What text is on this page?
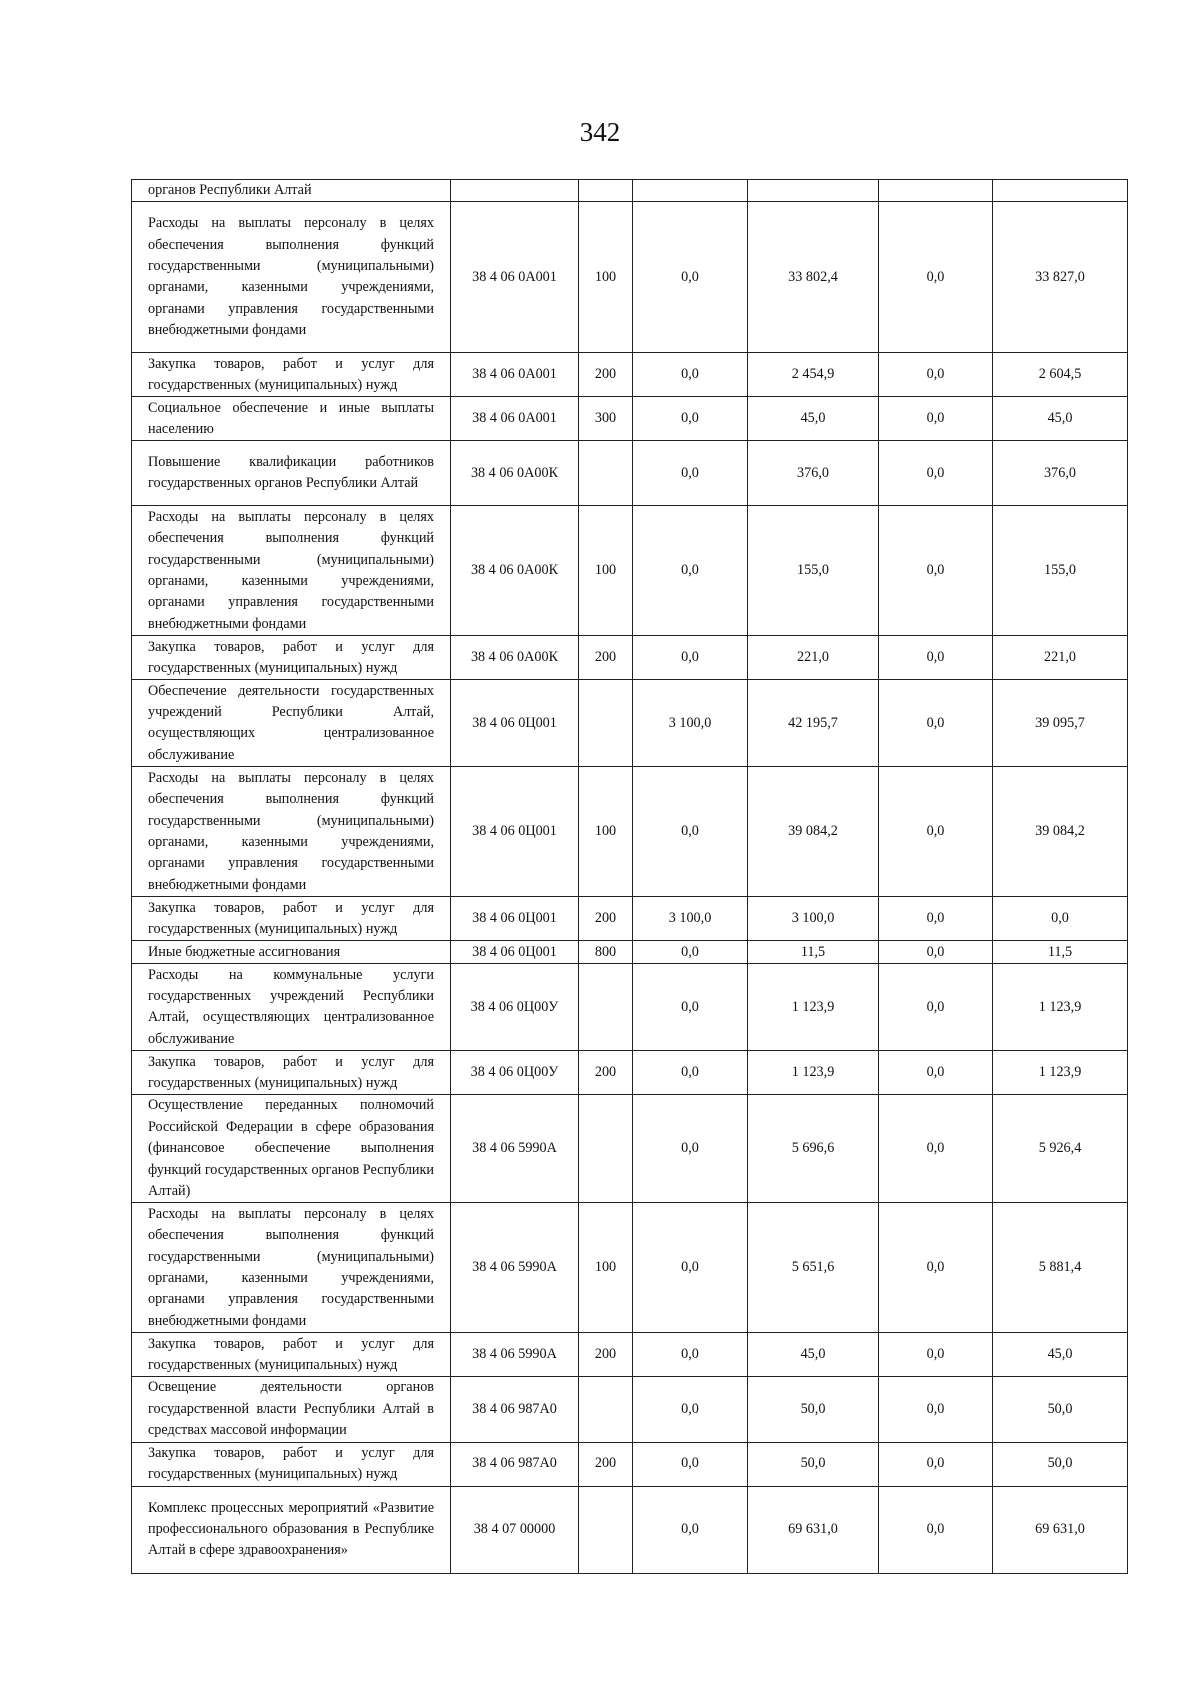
342
органов Республики Алтай						
Расходы на выплаты персоналу в целях обеспечения выполнения функций государственными (муниципальными) органами, казенными учреждениями, органами управления государственными внебюджетными фондами	38 4 06 0А001	100	0,0	33 802,4	0,0	33 827,0
Закупка товаров, работ и услуг для государственных (муниципальных) нужд	38 4 06 0А001	200	0,0	2 454,9	0,0	2 604,5
Социальное обеспечение и иные выплаты населению	38 4 06 0А001	300	0,0	45,0	0,0	45,0
Повышение квалификации работников государственных органов Республики Алтай	38 4 06 0А00К		0,0	376,0	0,0	376,0
Расходы на выплаты персоналу в целях обеспечения выполнения функций государственными (муниципальными) органами, казенными учреждениями, органами управления государственными внебюджетными фондами	38 4 06 0А00К	100	0,0	155,0	0,0	155,0
Закупка товаров, работ и услуг для государственных (муниципальных) нужд	38 4 06 0А00К	200	0,0	221,0	0,0	221,0
Обеспечение деятельности государственных учреждений Республики Алтай, осуществляющих централизованное обслуживание	38 4 06 0Ц001		3 100,0	42 195,7	0,0	39 095,7
Расходы на выплаты персоналу в целях обеспечения выполнения функций государственными (муниципальными) органами, казенными учреждениями, органами управления государственными внебюджетными фондами	38 4 06 0Ц001	100	0,0	39 084,2	0,0	39 084,2
Закупка товаров, работ и услуг для государственных (муниципальных) нужд	38 4 06 0Ц001	200	3 100,0	3 100,0	0,0	0,0
Иные бюджетные ассигнования	38 4 06 0Ц001	800	0,0	11,5	0,0	11,5
Расходы на коммунальные услуги государственных учреждений Республики Алтай, осуществляющих централизованное обслуживание	38 4 06 0Ц00У		0,0	1 123,9	0,0	1 123,9
Закупка товаров, работ и услуг для государственных (муниципальных) нужд	38 4 06 0Ц00У	200	0,0	1 123,9	0,0	1 123,9
Осуществление переданных полномочий Российской Федерации в сфере образования (финансовое обеспечение выполнения функций государственных органов Республики Алтай)	38 4 06 5990А		0,0	5 696,6	0,0	5 926,4
Расходы на выплаты персоналу в целях обеспечения выполнения функций государственными (муниципальными) органами, казенными учреждениями, органами управления государственными внебюджетными фондами	38 4 06 5990А	100	0,0	5 651,6	0,0	5 881,4
Закупка товаров, работ и услуг для государственных (муниципальных) нужд	38 4 06 5990А	200	0,0	45,0	0,0	45,0
Освещение деятельности органов государственной власти Республики Алтай в средствах массовой информации	38 4 06 987А0		0,0	50,0	0,0	50,0
Закупка товаров, работ и услуг для государственных (муниципальных) нужд	38 4 06 987А0	200	0,0	50,0	0,0	50,0
Комплекс процессных мероприятий «Развитие профессионального образования в Республике Алтай в сфере здравоохранения»	38 4 07 00000		0,0	69 631,0	0,0	69 631,0
